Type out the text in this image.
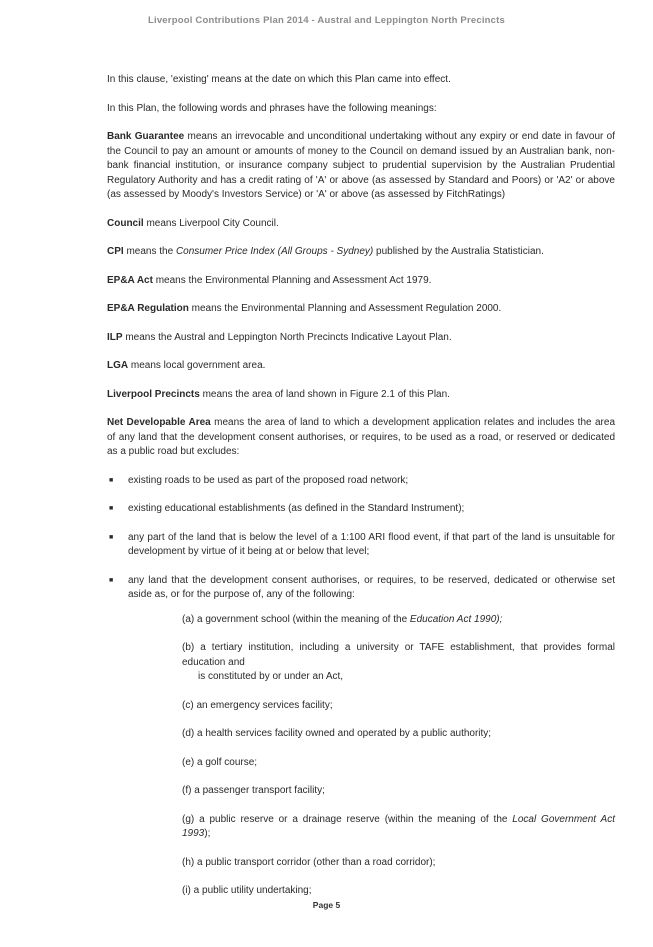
Liverpool Contributions Plan 2014 - Austral and Leppington North Precincts

In this clause, 'existing' means at the date on which this Plan came into effect.

In this Plan, the following words and phrases have the following meanings:

Bank Guarantee means an irrevocable and unconditional undertaking without any expiry or end date in favour of the Council to pay an amount or amounts of money to the Council on demand issued by an Australian bank, non-bank financial institution, or insurance company subject to prudential supervision by the Australian Prudential Regulatory Authority and has a credit rating of 'A' or above (as assessed by Standard and Poors) or 'A2' or above (as assessed by Moody's Investors Service) or 'A' or above (as assessed by FitchRatings)

Council means Liverpool City Council.

CPI means the Consumer Price Index (All Groups - Sydney) published by the Australia Statistician.

EP&A Act means the Environmental Planning and Assessment Act 1979.

EP&A Regulation means the Environmental Planning and Assessment Regulation 2000.

ILP means the Austral and Leppington North Precincts Indicative Layout Plan.

LGA means local government area.

Liverpool Precincts means the area of land shown in Figure 2.1 of this Plan.

Net Developable Area means the area of land to which a development application relates and includes the area of any land that the development consent authorises, or requires, to be used as a road, or reserved or dedicated as a public road but excludes:

■ existing roads to be used as part of the proposed road network;
■ existing educational establishments (as defined in the Standard Instrument);
■ any part of the land that is below the level of a 1:100 ARI flood event, if that part of the land is unsuitable for development by virtue of it being at or below that level;
■ any land that the development consent authorises, or requires, to be reserved, dedicated or otherwise set aside as, or for the purpose of, any of the following:
(a) a government school (within the meaning of the Education Act 1990);
(b) a tertiary institution, including a university or TAFE establishment, that provides formal education and
is constituted by or under an Act,
(c) an emergency services facility;
(d) a health services facility owned and operated by a public authority;
(e) a golf course;
(f) a passenger transport facility;
(g) a public reserve or a drainage reserve (within the meaning of the Local Government Act 1993);
(h) a public transport corridor (other than a road corridor);
(i) a public utility undertaking;
Page 5
